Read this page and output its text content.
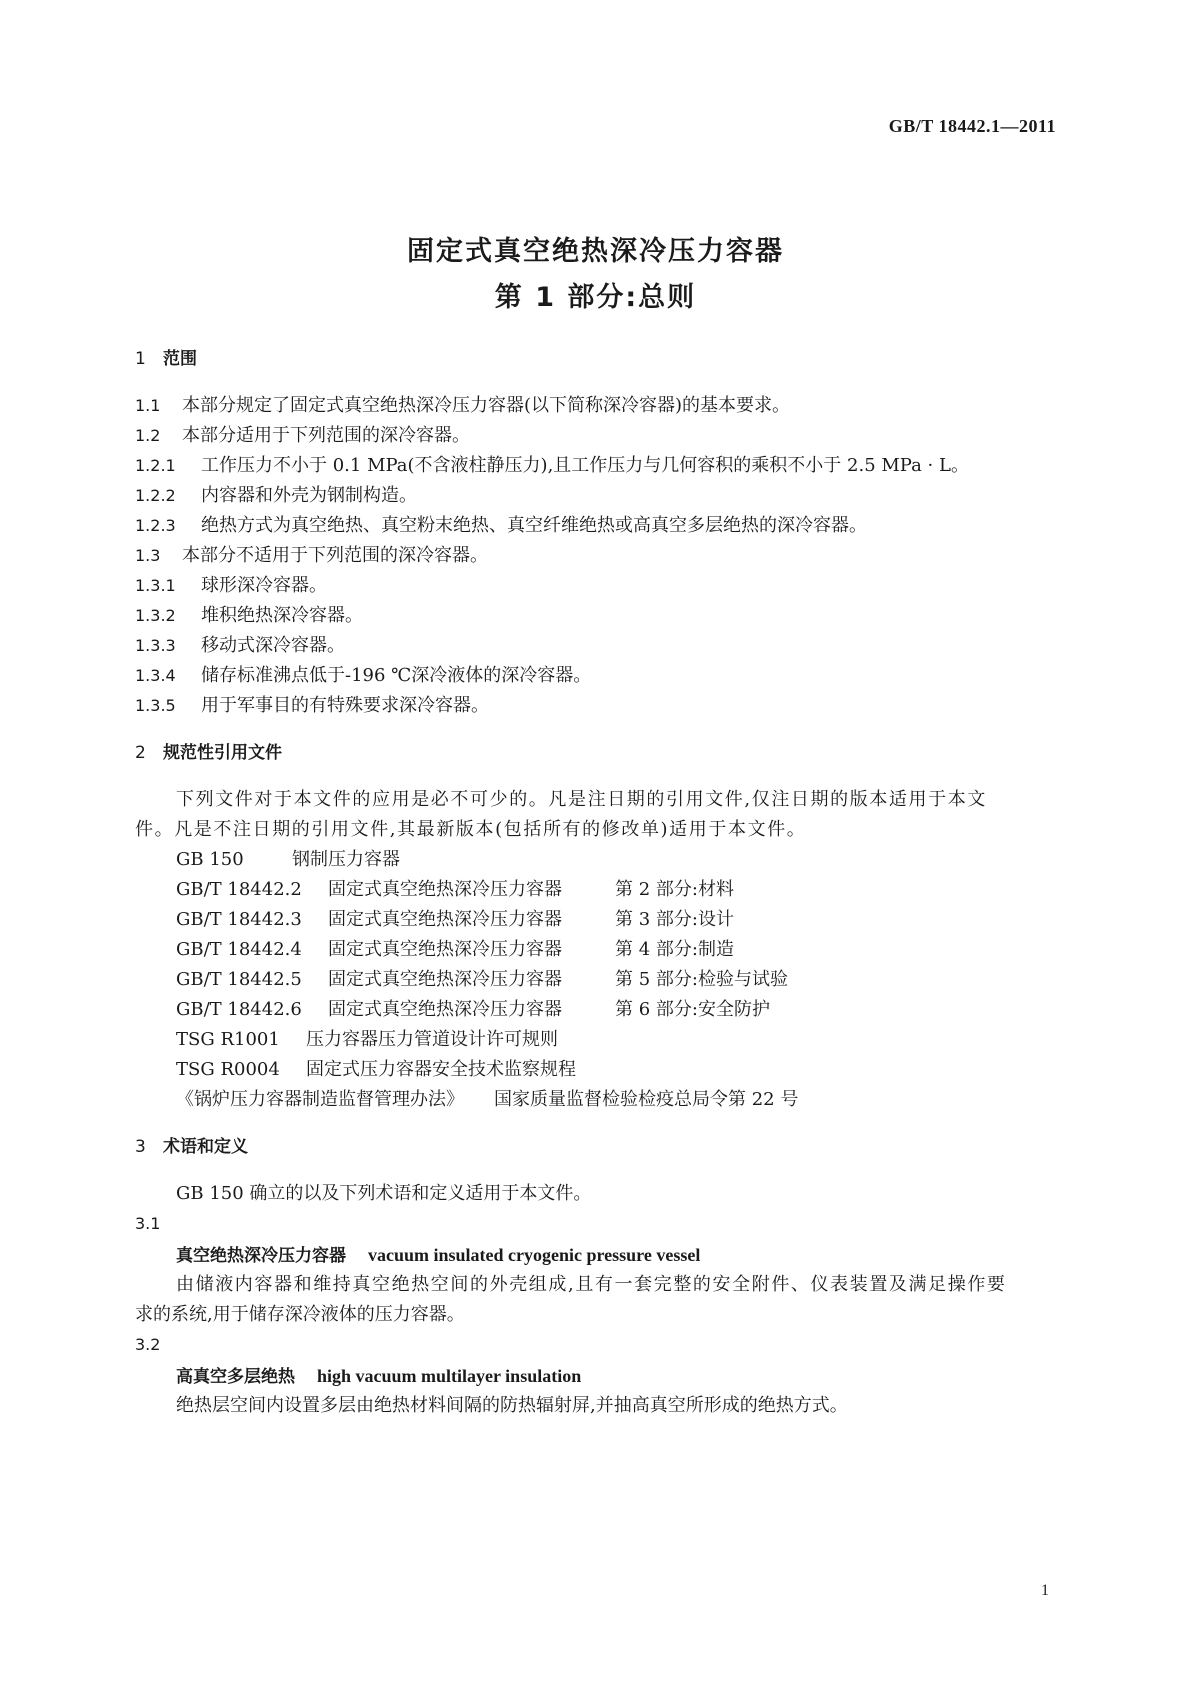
GB/T 18442.1—2011
固定式真空绝热深冷压力容器
第 1 部分:总则
1 范围
1.1 本部分规定了固定式真空绝热深冷压力容器(以下简称深冷容器)的基本要求。
1.2 本部分适用于下列范围的深冷容器。
1.2.1 工作压力不小于 0.1 MPa(不含液柱静压力),且工作压力与几何容积的乘积不小于 2.5 MPa · L。
1.2.2 内容器和外壳为钢制构造。
1.2.3 绝热方式为真空绝热、真空粉末绝热、真空纤维绝热或高真空多层绝热的深冷容器。
1.3 本部分不适用于下列范围的深冷容器。
1.3.1 球形深冷容器。
1.3.2 堆积绝热深冷容器。
1.3.3 移动式深冷容器。
1.3.4 储存标准沸点低于-196 ℃深冷液体的深冷容器。
1.3.5 用于军事目的有特殊要求深冷容器。
2 规范性引用文件
下列文件对于本文件的应用是必不可少的。凡是注日期的引用文件,仅注日期的版本适用于本文
件。凡是不注日期的引用文件,其最新版本(包括所有的修改单)适用于本文件。
GB 150	钢制压力容器
GB/T 18442.2 固定式真空绝热深冷压力容器	第 2 部分:材料
GB/T 18442.3 固定式真空绝热深冷压力容器	第 3 部分:设计
GB/T 18442.4 固定式真空绝热深冷压力容器	第 4 部分:制造
GB/T 18442.5 固定式真空绝热深冷压力容器	第 5 部分:检验与试验
GB/T 18442.6 固定式真空绝热深冷压力容器	第 6 部分:安全防护
TSG R1001 压力容器压力管道设计许可规则
TSG R0004 固定式压力容器安全技术监察规程
《锅炉压力容器制造监督管理办法》 国家质量监督检验检疫总局令第 22 号
3 术语和定义
GB 150 确立的以及下列术语和定义适用于本文件。
3.1
真空绝热深冷压力容器 vacuum insulated cryogenic pressure vessel
由储液内容器和维持真空绝热空间的外壳组成,且有一套完整的安全附件、仪表装置及满足操作要
求的系统,用于储存深冷液体的压力容器。
3.2
高真空多层绝热 high vacuum multilayer insulation
绝热层空间内设置多层由绝热材料间隔的防热辐射屏,并抽高真空所形成的绝热方式。
1
